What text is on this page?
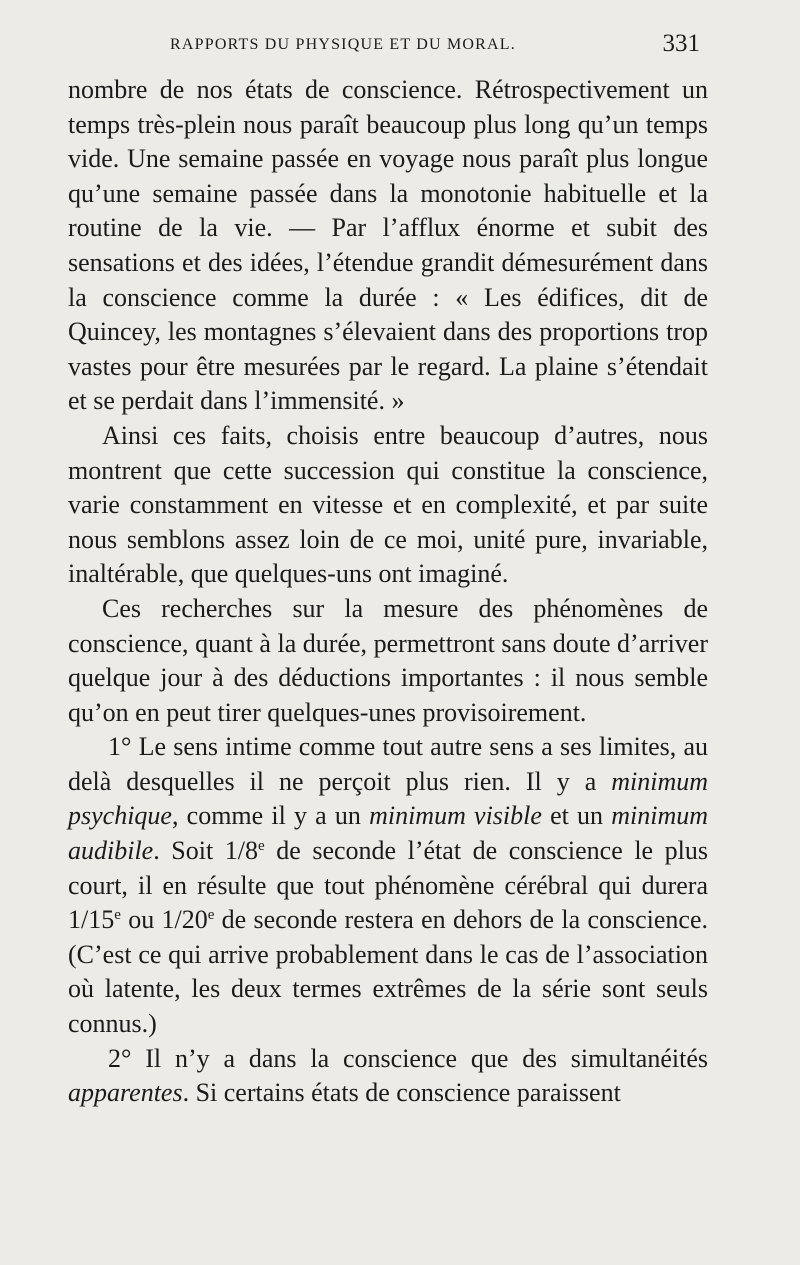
RAPPORTS DU PHYSIQUE ET DU MORAL.	331

nombre de nos états de conscience. Rétrospectivement un temps très-plein nous paraît beaucoup plus long qu’un temps vide. Une semaine passée en voyage nous paraît plus longue qu’une semaine passée dans la monotonie habituelle et la routine de la vie. — Par l’afflux énorme et subit des sensations et des idées, l’étendue grandit démesurément dans la conscience comme la durée : « Les édifices, dit de Quincey, les montagnes s’élevaient dans des proportions trop vastes pour être mesurées par le regard. La plaine s’étendait et se perdait dans l’immensité. »

Ainsi ces faits, choisis entre beaucoup d’autres, nous montrent que cette succession qui constitue la conscience, varie constamment en vitesse et en complexité, et par suite nous semblons assez loin de ce moi, unité pure, invariable, inaltérable, que quelques-uns ont imaginé.

Ces recherches sur la mesure des phénomènes de conscience, quant à la durée, permettront sans doute d’arriver quelque jour à des déductions importantes : il nous semble qu’on en peut tirer quelques-unes provisoirement.

1° Le sens intime comme tout autre sens a ses limites, au delà desquelles il ne perçoit plus rien. Il y a minimum psychique, comme il y a un minimum visible et un minimum audibile. Soit 1/8e de seconde l’état de conscience le plus court, il en résulte que tout phénomène cérébral qui durera 1/15e ou 1/20e de seconde restera en dehors de la conscience. (C’est ce qui arrive probablement dans le cas de l’association où latente, les deux termes extrêmes de la série sont seuls connus.)

2° Il n’y a dans la conscience que des simultanéités apparentes. Si certains états de conscience paraissent
